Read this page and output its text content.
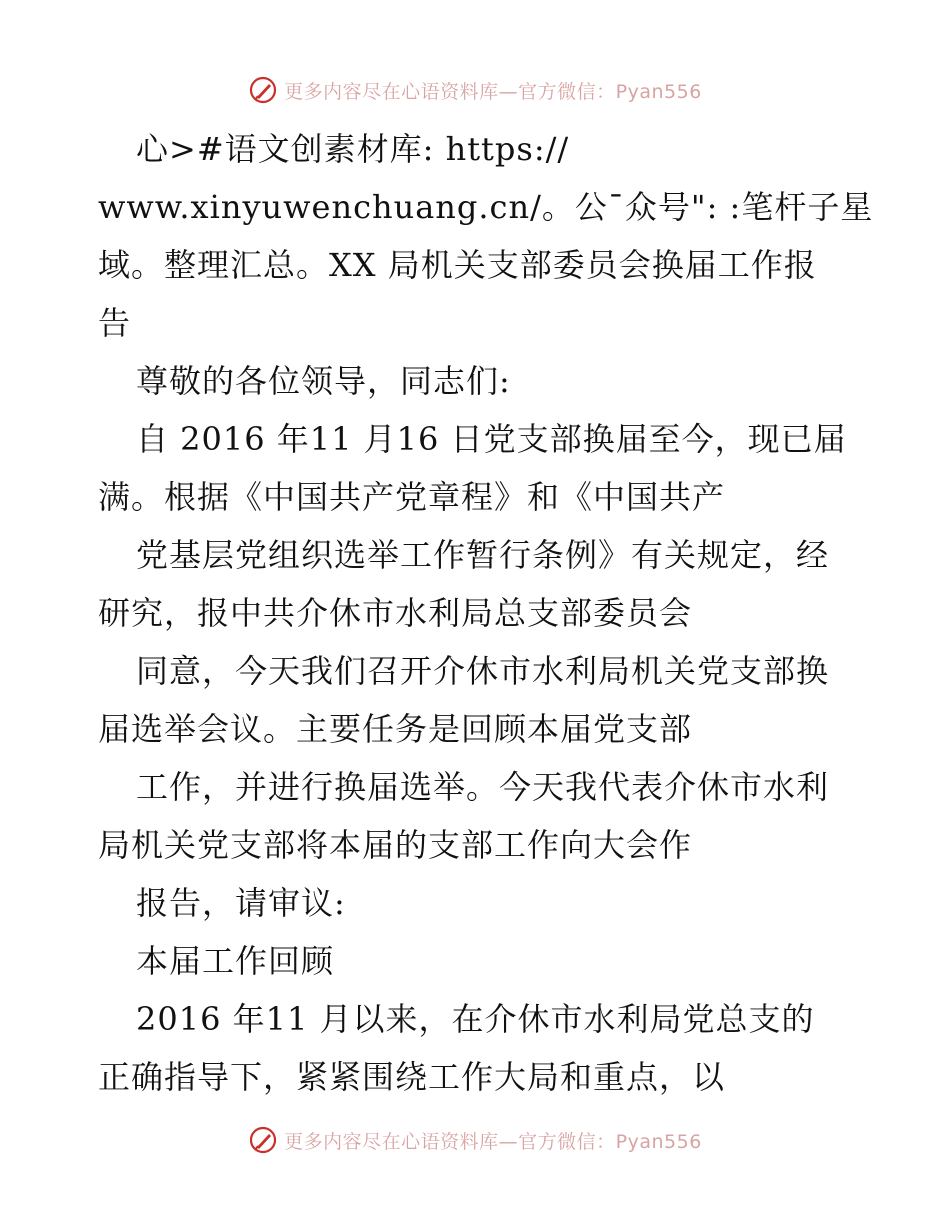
更多内容尽在心语资料库—官方微信：Pyan556
心>#语文创素材库: https://
www.xinyuwenchuang.cn/。公¯众号": :笔杆子星
域。整理汇总。XX 局机关支部委员会换届工作报
告
尊敬的各位领导，同志们:
自 2016 年11 月16 日党支部换届至今，现已届
满。根据《中国共产党章程》和《中国共产
党基层党组织选举工作暂行条例》有关规定，经
研究，报中共介休市水利局总支部委员会
同意，今天我们召开介休市水利局机关党支部换
届选举会议。主要任务是回顾本届党支部
工作，并进行换届选举。今天我代表介休市水利
局机关党支部将本届的支部工作向大会作
报告，请审议:
本届工作回顾
2016 年11 月以来，在介休市水利局党总支的
正确指导下，紧紧围绕工作大局和重点，以
更多内容尽在心语资料库—官方微信：Pyan556
